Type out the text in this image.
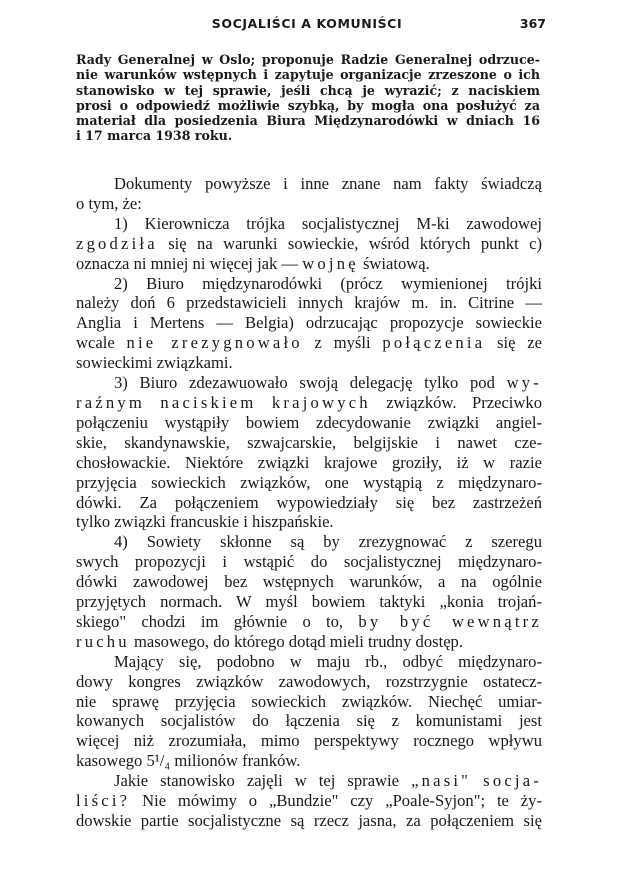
SOCJALIŚCI A KOMUNIŚCI	367
Rady Generalnej w Oslo; proponuje Radzie Generalnej odrzuce-
nie warunków wstępnych i zapytuje organizacje zrzeszone o ich
stanowisko w tej sprawie, jeśli chcą je wyrazić; z naciskiem
prosi o odpowiedź możliwie szybką, by mogła ona posłużyć za
materiał dla posiedzenia Biura Międzynarodówki w dniach 16
i 17 marca 1938 roku.
Dokumenty powyższe i inne znane nam fakty świadczą
o tym, że:
1) Kierownicza trójka socjalistycznej M-ki zawodowej
zgodziła się na warunki sowieckie, wśród których punkt c)
oznacza ni mniej ni więcej jak — wojnę światową.
2) Biuro międzynarodówki (prócz wymienionej trójki
należy doń 6 przedstawicieli innych krajów m. in. Citrine —
Anglia i Mertens — Belgia) odrzucając propozycje sowieckie
wcale nie zrezygnowało z myśli połączenia się ze
sowieckimi związkami.
3) Biuro zdezawuowało swoją delegację tylko pod wy-
raźnym naciskiem krajowych związków. Przeciwko
połączeniu wystąpiły bowiem zdecydowanie związki angiel-
skie, skandynawskie, szwajcarskie, belgijskie i nawet cze-
chosłowackie. Niektóre związki krajowe groziły, iż w razie
przyjęcia sowieckich związków, one wystąpią z międzynaro-
dówki. Za połączeniem wypowiedziały się bez zastrzeżeń
tylko związki francuskie i hiszpańskie.
4) Sowiety skłonne są by zrezygnować z szeregu
swych propozycji i wstąpić do socjalistycznej międzynaro-
dówki zawodowej bez wstępnych warunków, a na ogólnie
przyjętych normach. W myśl bowiem taktyki „konia trojań-
skiego" chodzi im głównie o to, by być wewnątrz
ruchu masowego, do którego dotąd mieli trudny dostęp.
Mający się, podobno w maju rb., odbyć międzynaro-
dowy kongres związków zawodowych, rozstrzygnie ostatecz-
nie sprawę przyjęcia sowieckich związków. Niechęć umiar-
kowanych socjalistów do łączenia się z komunistami jest
więcej niż zrozumiała, mimo perspektywy rocznego wpływu
kasowego 5¹/₄ milionów franków.
Jakie stanowisko zajęli w tej sprawie „nasi" socja-
liści? Nie mówimy o „Bundzie" czy „Poale-Syjon"; te ży-
dowskie partie socjalistyczne są rzecz jasna, za połączeniem się
